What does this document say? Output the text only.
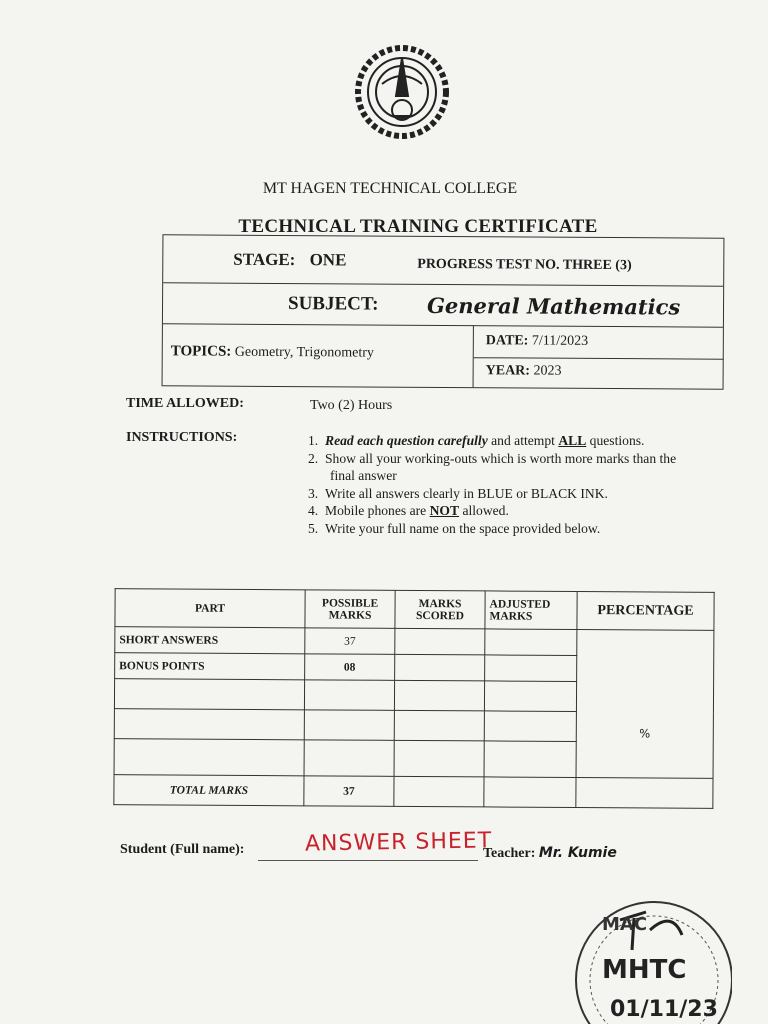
MT HAGEN TECHNICAL COLLEGE
TECHNICAL TRAINING CERTIFICATE
STAGE: ONE	PROGRESS TEST NO. THREE (3)
SUBJECT: General Mathematics
TOPICS: Geometry, Trigonometry
DATE: 7/11/2023
YEAR: 2023
TIME ALLOWED:	Two (2) Hours
INSTRUCTIONS:	1. Read each question carefully and attempt ALL questions.
2. Show all your working-outs which is worth more marks than the final answer
3. Write all answers clearly in BLUE or BLACK INK.
4. Mobile phones are NOT allowed.
5. Write your full name on the space provided below.
PART	POSSIBLE MARKS	MARKS SCORED	ADJUSTED MARKS	PERCENTAGE
SHORT ANSWERS	37			%
BONUS POINTS	08			

TOTAL MARKS	37			
Student (Full name):	ANSWER SHEET
Teacher: Mr. Kumie
MHTC
01/11/23
MAC
